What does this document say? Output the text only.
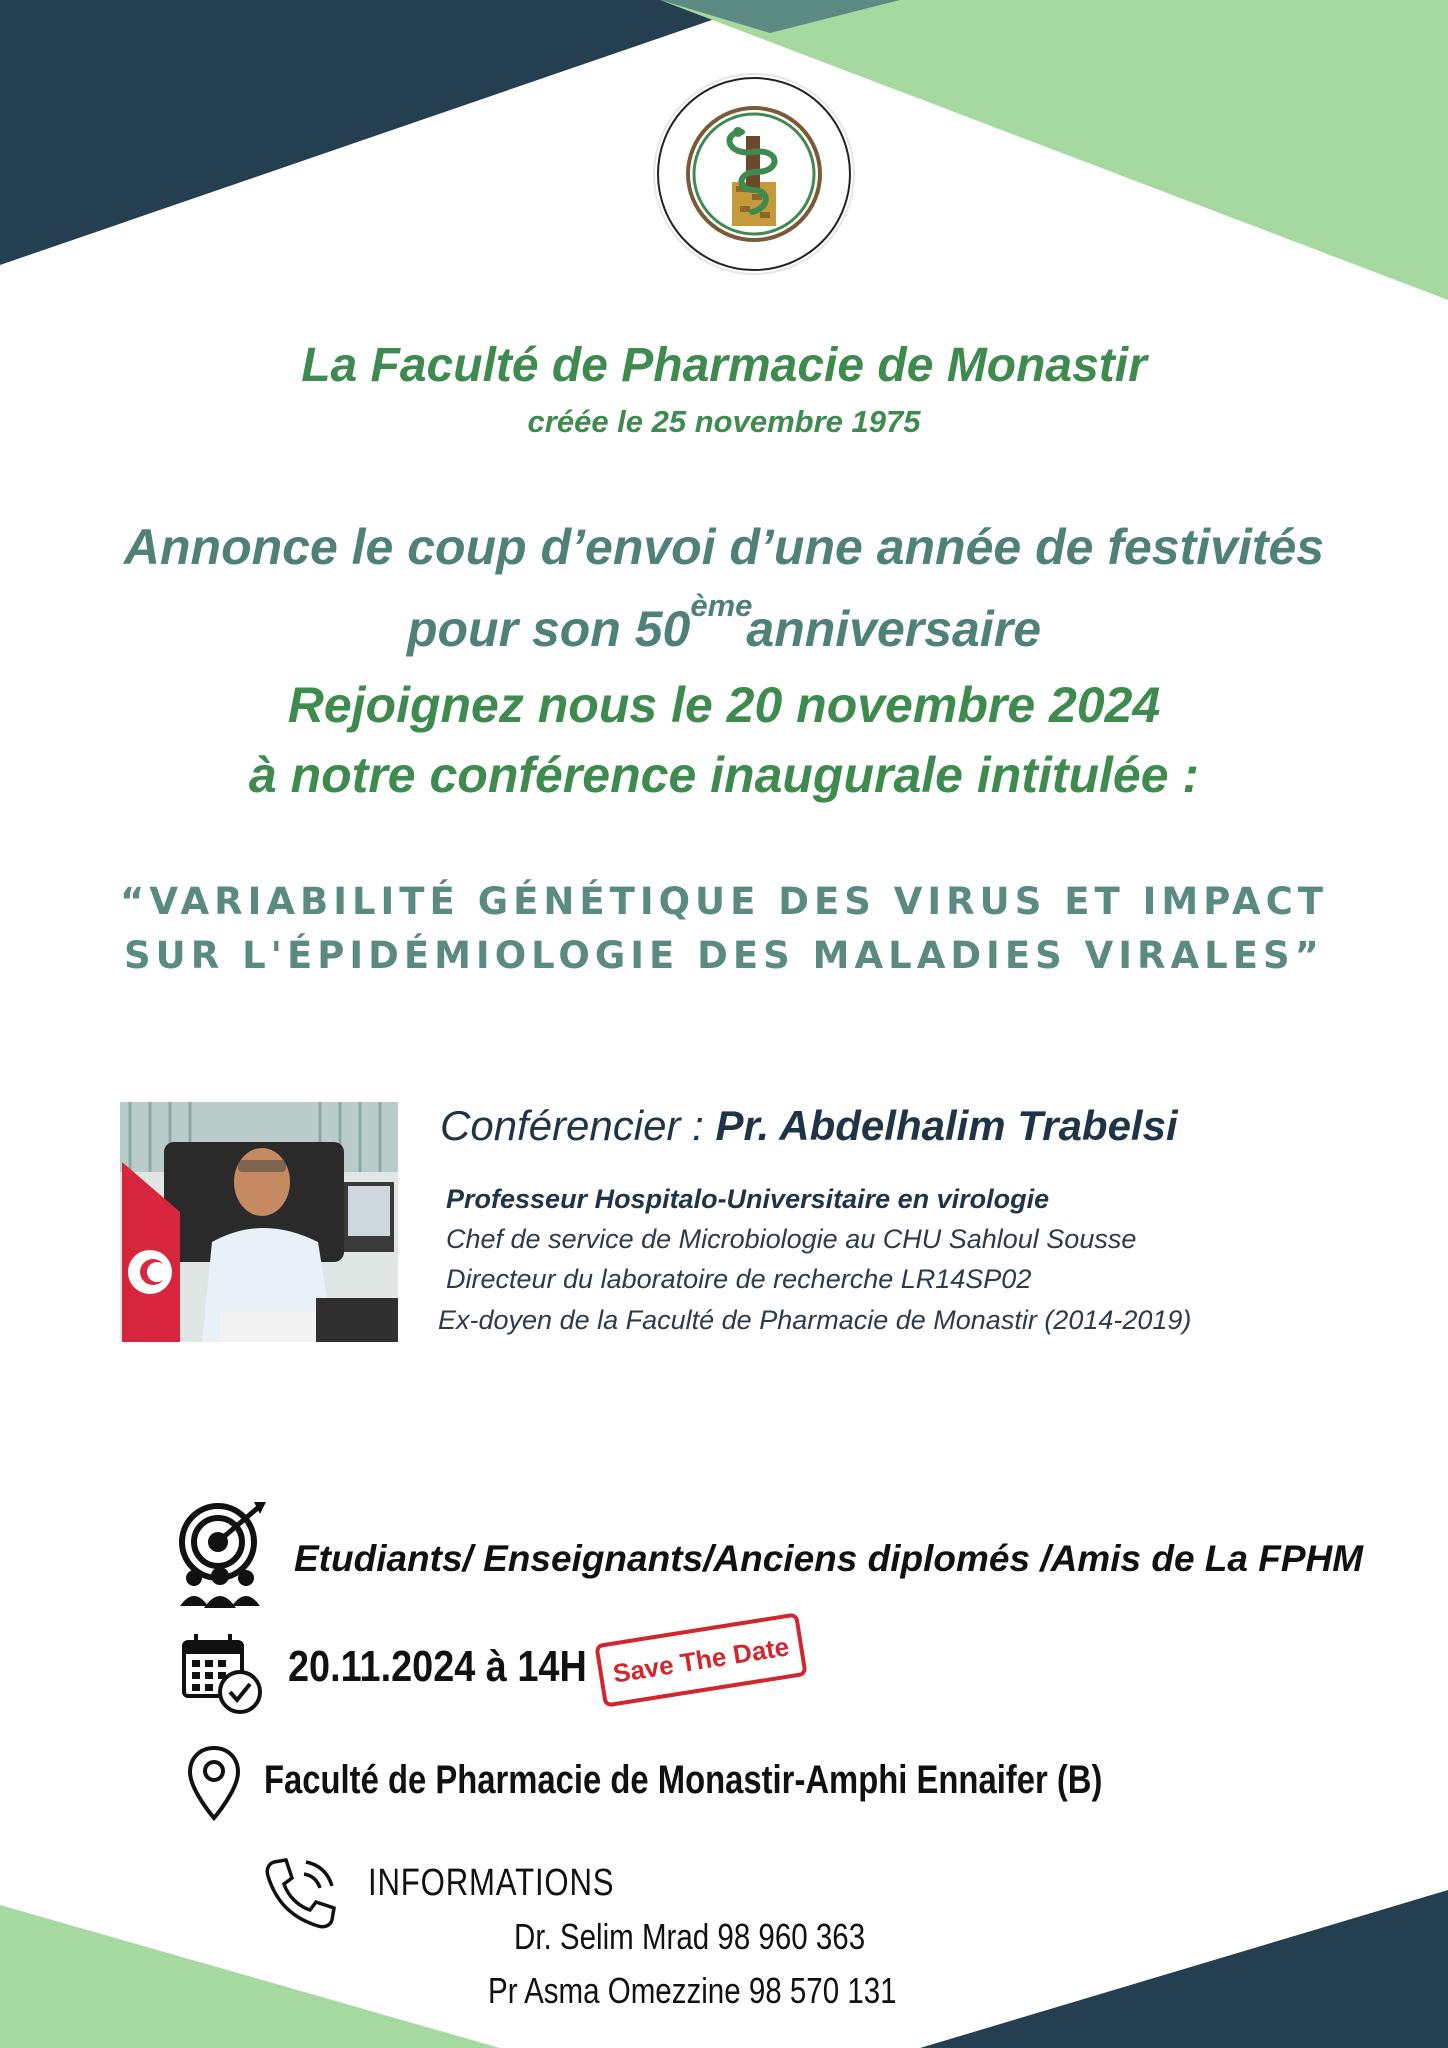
La Faculté de Pharmacie de Monastir
créée le 25 novembre 1975
Annonce le coup d’envoi d’une année de festivités
pour son 50èmeanniversaire
Rejoignez nous le 20 novembre 2024
à notre conférence inaugurale intitulée :
“VARIABILITÉ GÉNÉTIQUE DES VIRUS ET IMPACT
SUR L'ÉPIDÉMIOLOGIE DES MALADIES VIRALES”
Conférencier : Pr. Abdelhalim Trabelsi
Professeur Hospitalo-Universitaire en virologie
Chef de service de Microbiologie au CHU Sahloul Sousse
Directeur du laboratoire de recherche LR14SP02
Ex-doyen de la Faculté de Pharmacie de Monastir (2014-2019)
Etudiants/ Enseignants/Anciens diplomés /Amis de La FPHM
20.11.2024 à 14H Save The Date
Faculté de Pharmacie de Monastir-Amphi Ennaifer (B)
INFORMATIONS
Dr. Selim Mrad 98 960 363
Pr Asma Omezzine 98 570 131
